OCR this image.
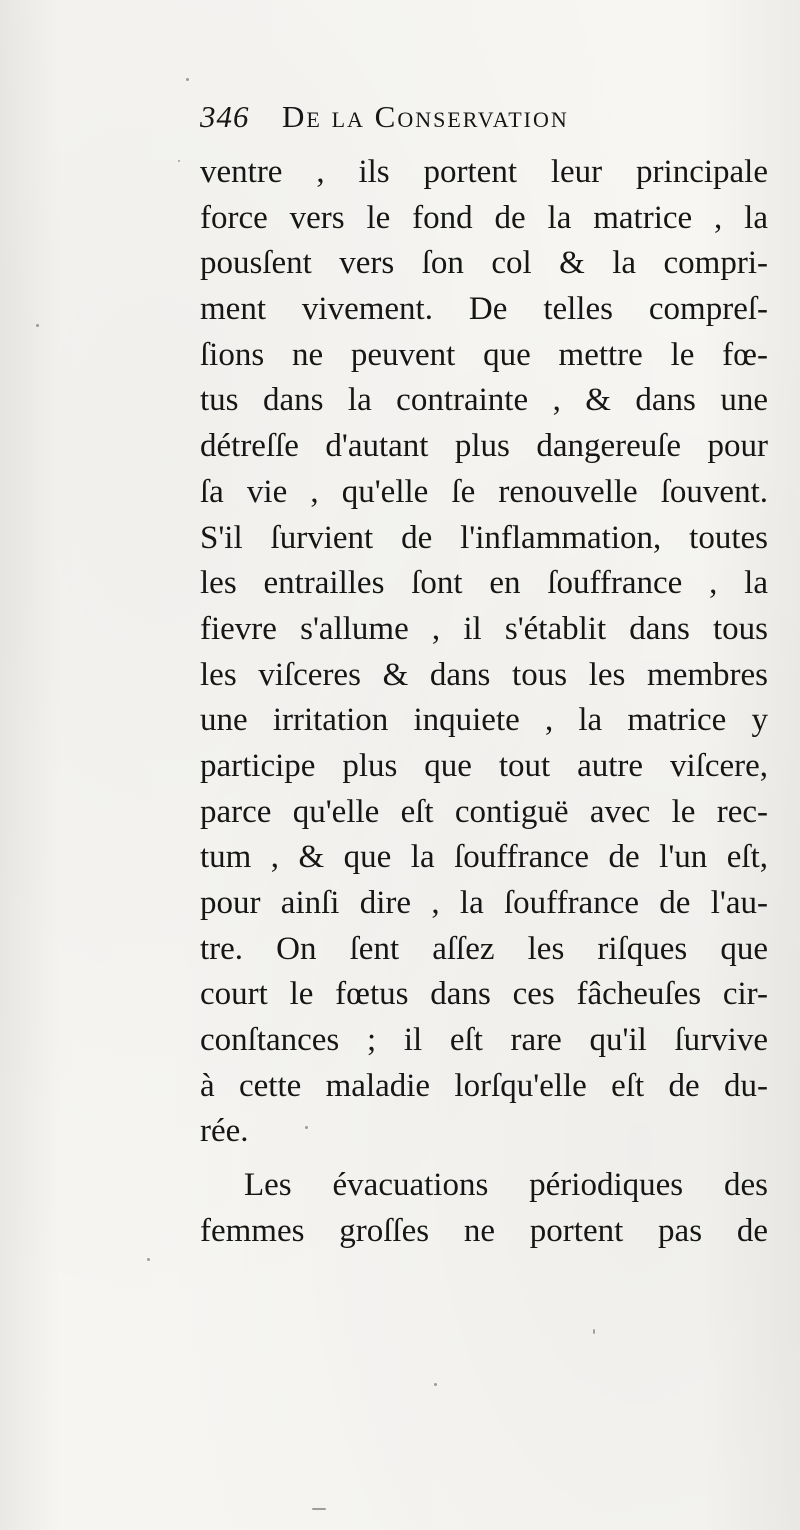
346 De la Conservation
ventre , ils portent leur principale
force vers le fond de la matrice , la
pousſent vers ſon col & la compri-
ment vivement. De telles compreſ-
ſions ne peuvent que mettre le fœ-
tus dans la contrainte , & dans une
détreſſe d'autant plus dangereuſe pour
ſa vie , qu'elle ſe renouvelle ſouvent.
S'il ſurvient de l'inflammation, toutes
les entrailles ſont en ſouffrance , la
fievre s'allume , il s'établit dans tous
les viſceres & dans tous les membres
une irritation inquiete , la matrice y
participe plus que tout autre viſcere,
parce qu'elle eſt contiguë avec le rec-
tum , & que la ſouffrance de l'un eſt,
pour ainſi dire , la ſouffrance de l'au-
tre. On ſent aſſez les riſques que
court le fœtus dans ces fâcheuſes cir-
conſtances ; il eſt rare qu'il ſurvive
à cette maladie lorſqu'elle eſt de du-
rée.
Les évacuations périodiques des
femmes groſſes ne portent pas de
